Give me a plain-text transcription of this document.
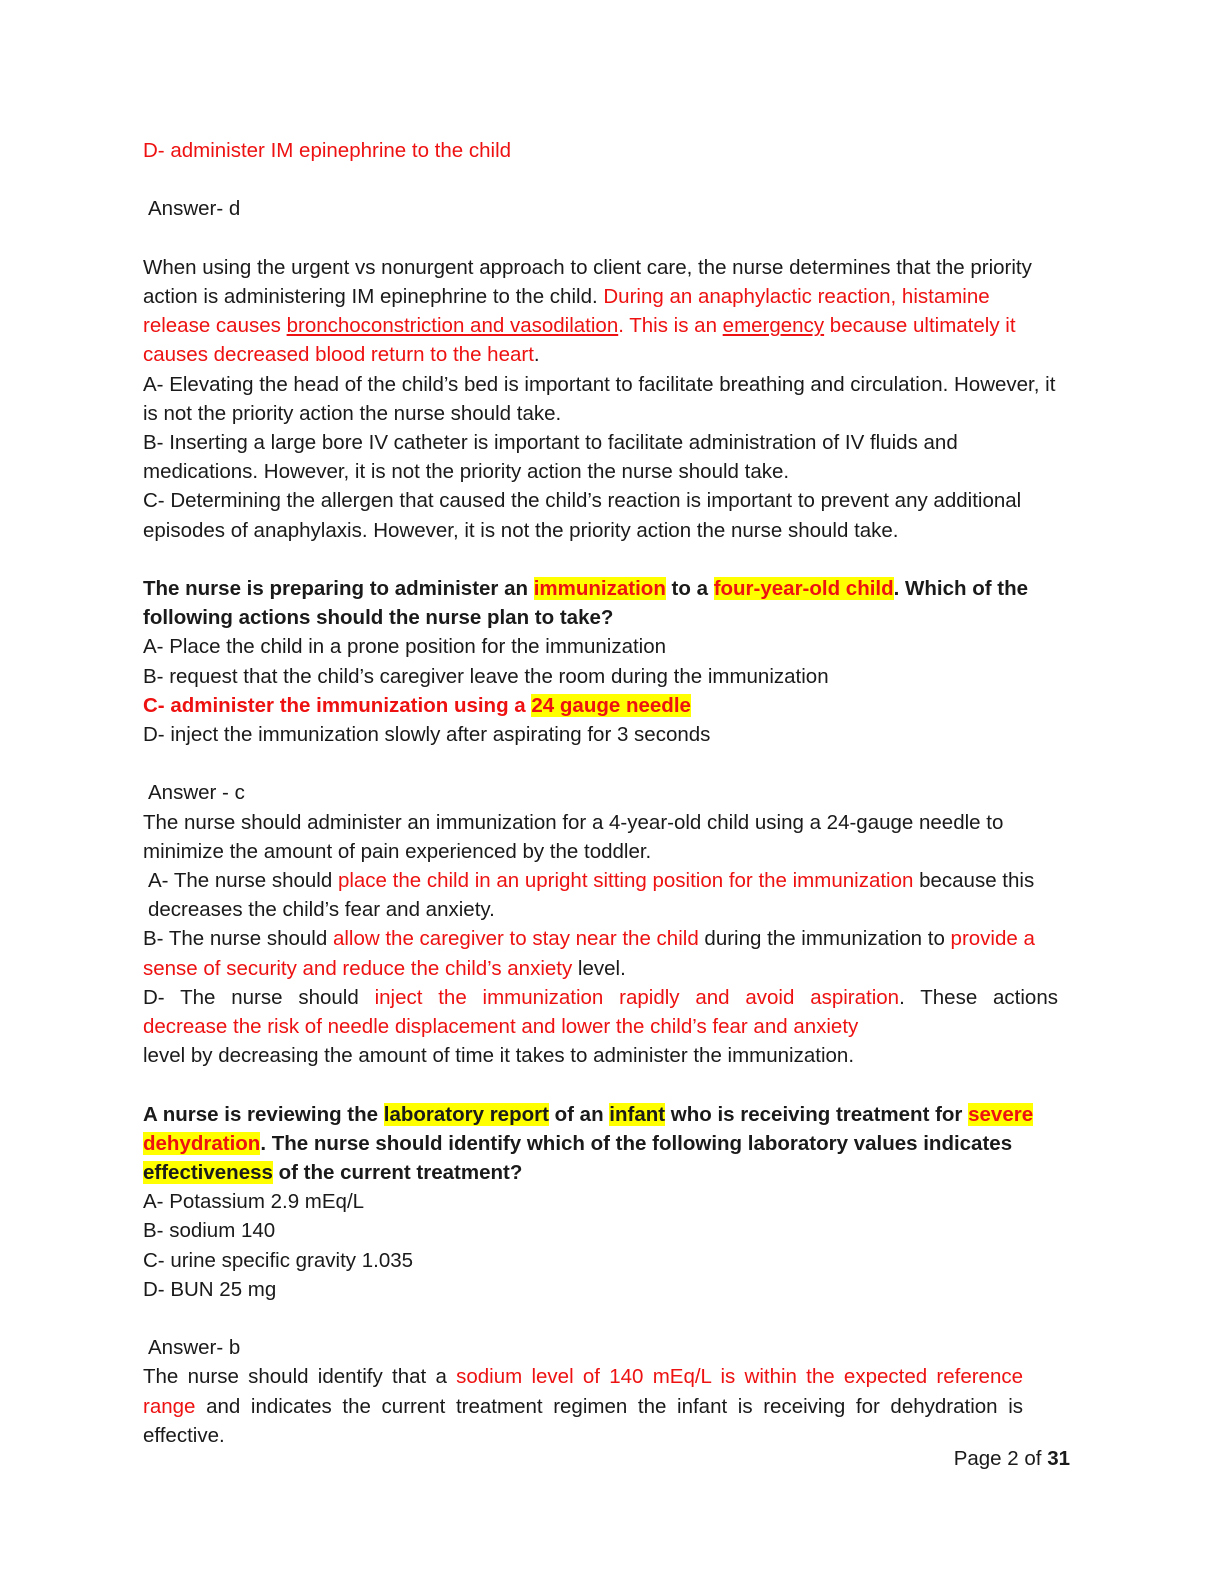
D- administer IM epinephrine to the child

Answer- d

When using the urgent vs nonurgent approach to client care, the nurse determines that the priority action is administering IM epinephrine to the child. During an anaphylactic reaction, histamine release causes bronchoconstriction and vasodilation. This is an emergency because ultimately it causes decreased blood return to the heart.

A- Elevating the head of the child’s bed is important to facilitate breathing and circulation. However, it is not the priority action the nurse should take.

B- Inserting a large bore IV catheter is important to facilitate administration of IV fluids and medications. However, it is not the priority action the nurse should take.

C- Determining the allergen that caused the child’s reaction is important to prevent any additional episodes of anaphylaxis. However, it is not the priority action the nurse should take.

The nurse is preparing to administer an immunization to a four-year-old child. Which of the following actions should the nurse plan to take?

A- Place the child in a prone position for the immunization

B- request that the child’s caregiver leave the room during the immunization

C- administer the immunization using a 24 gauge needle

D- inject the immunization slowly after aspirating for 3 seconds

Answer - c

The nurse should administer an immunization for a 4-year-old child using a 24-gauge needle to minimize the amount of pain experienced by the toddler.

A- The nurse should place the child in an upright sitting position for the immunization because this decreases the child’s fear and anxiety.

B- The nurse should allow the caregiver to stay near the child during the immunization to provide a sense of security and reduce the child’s anxiety level.

D- The nurse should inject the immunization rapidly and avoid aspiration. These actions

decrease the risk of needle displacement and lower the child’s fear and anxiety

level by decreasing the amount of time it takes to administer the immunization.

A nurse is reviewing the laboratory report of an infant who is receiving treatment for severe dehydration. The nurse should identify which of the following laboratory values indicates effectiveness of the current treatment?

A- Potassium 2.9 mEq/L

B- sodium 140

C- urine specific gravity 1.035

D- BUN 25 mg

Answer- b

The nurse should identify that a sodium level of 140 mEq/L is within the expected reference range and indicates the current treatment regimen the infant is receiving for dehydration is effective.

Page 2 of 31
